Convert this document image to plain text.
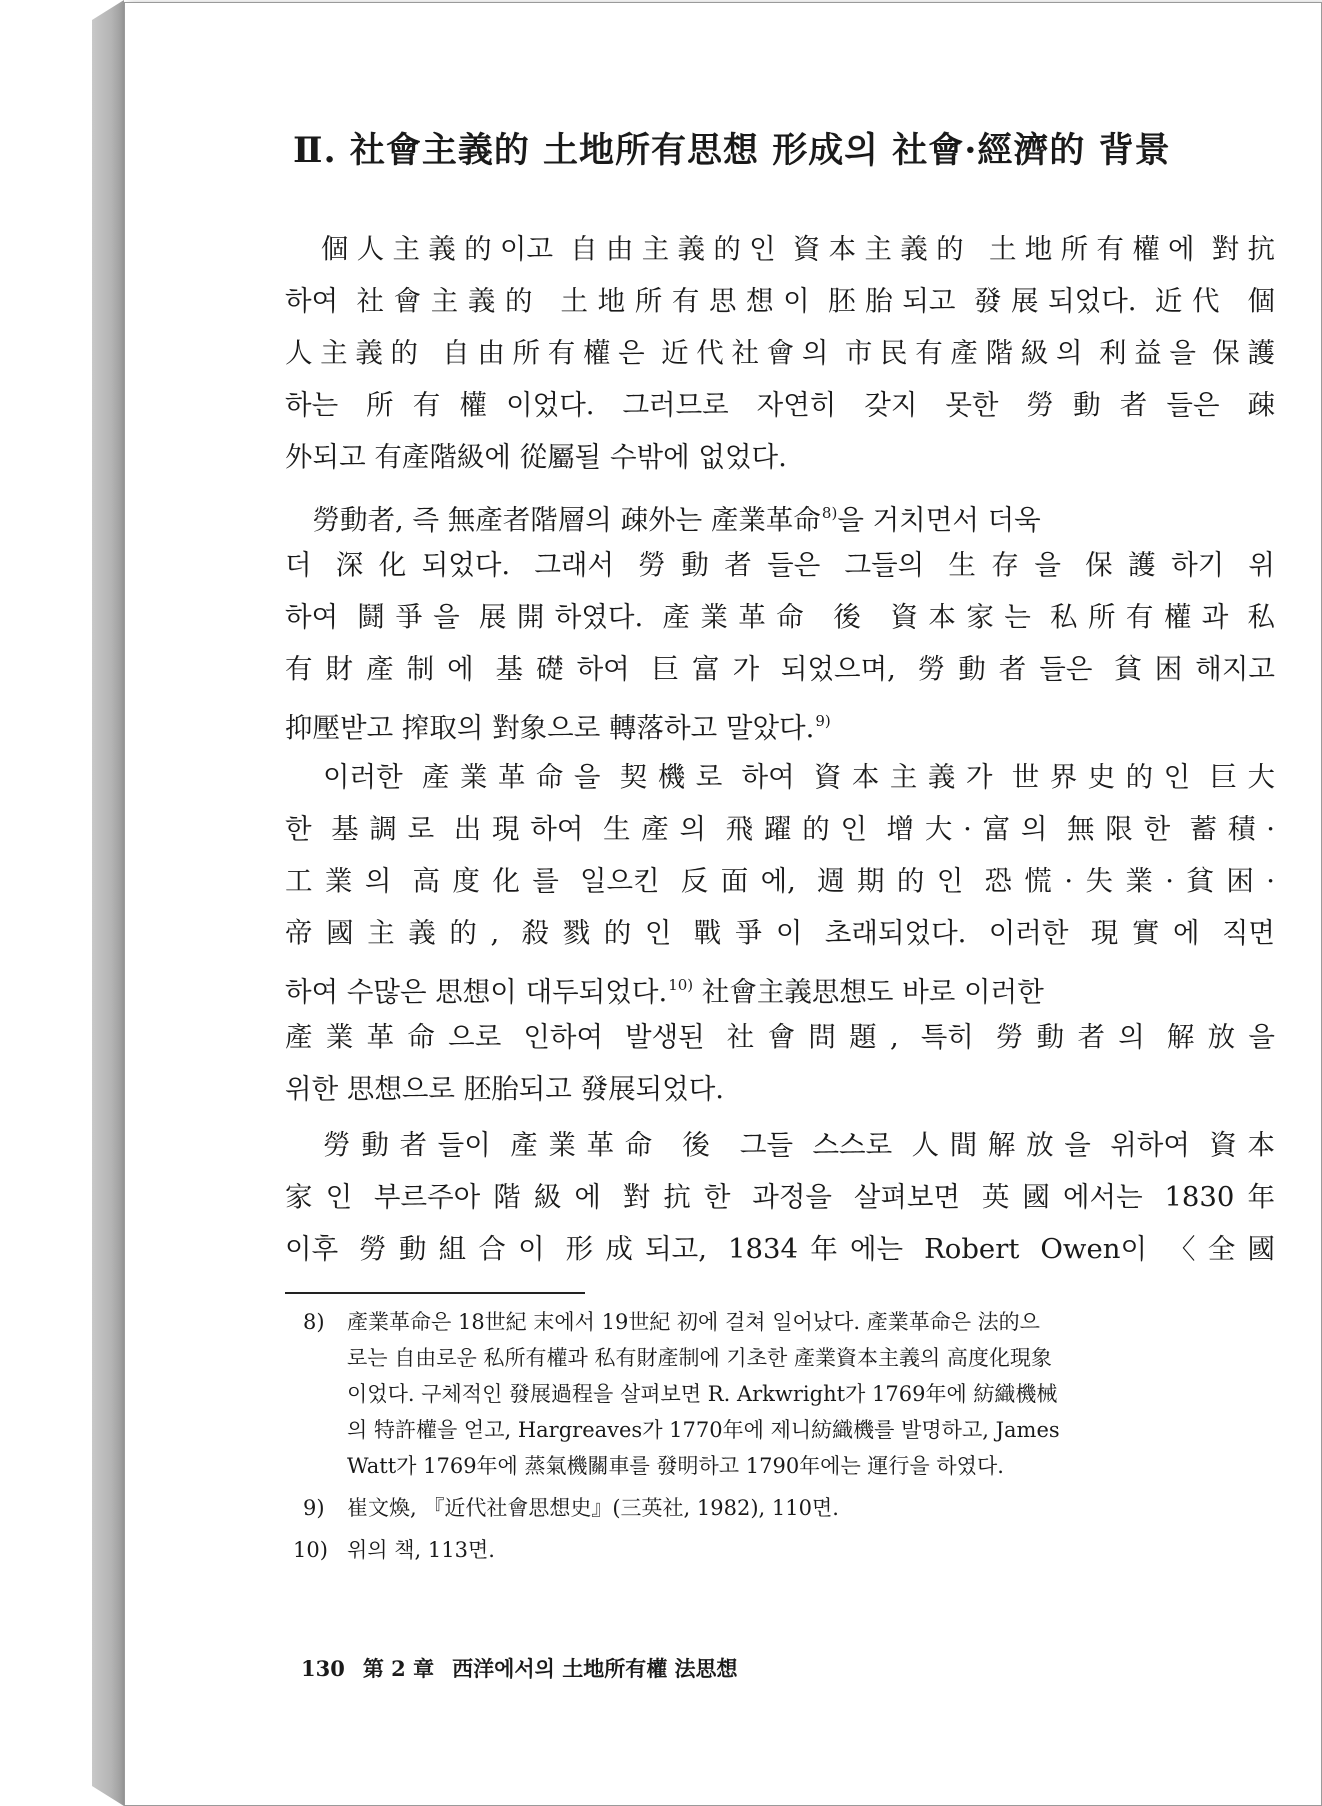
Ⅱ. 社會主義的 土地所有思想 形成의 社會·經濟的 背景
　個人主義的이고 自由主義的인 資本主義的 土地所有權에 對抗
하여 社會主義的 土地所有思想이 胚胎되고 發展되었다. 近代 個
人主義的 自由所有權은 近代社會의 市民有產階級의 利益을 保護
하는 所有權이었다. 그러므로 자연히 갖지 못한 勞動者들은 疎
外되고 有產階級에 從屬될 수밖에 없었다.
　勞動者, 즉 無產者階層의 疎外는 產業革命$^{8)}$을 거치면서 더욱
더 深化되었다. 그래서 勞動者들은 그들의 生存을 保護하기 위
하여 鬪爭을 展開하였다. 產業革命 後 資本家는 私所有權과 私
有財產制에 基礎하여 巨富가 되었으며, 勞動者들은 貧困해지고
抑壓받고 搾取의 對象으로 轉落하고 말았다.$^{9)}$
　이러한 產業革命을 契機로 하여 資本主義가 世界史的인 巨大
한 基調로 出現하여 生產의 飛躍的인 增大·富의 無限한 蓄積·
工業의 高度化를 일으킨 反面에, 週期的인 恐慌·失業·貧困·
帝國主義的, 殺戮的인 戰爭이 초래되었다. 이러한 現實에 직면
하여 수많은 思想이 대두되었다.$^{10)}$ 社會主義思想도 바로 이러한
產業革命으로 인하여 발생된 社會問題, 특히 勞動者의 解放을
위한 思想으로 胚胎되고 發展되었다.
　勞動者들이 產業革命 後 그들 스스로 人間解放을 위하여 資本
家인 부르주아階級에 對抗한 과정을 살펴보면 英國에서는 1830年
이후 勞動組合이 形成되고, 1834年에는 Robert Owen이 〈全國
8) 產業革命은 18世紀 末에서 19世紀 初에 걸쳐 일어났다. 產業革命은 法的으
로는 自由로운 私所有權과 私有財產制에 기초한 產業資本主義의 高度化現象
이었다. 구체적인 發展過程을 살펴보면 R. Arkwright가 1769年에 紡織機械
의 特許權을 얻고, Hargreaves가 1770年에 제니紡織機를 발명하고, James
Watt가 1769年에 蒸氣機關車를 發明하고 1790年에는 運行을 하였다.
9) 崔文煥, 『近代社會思想史』(三英社, 1982), 110면.
10) 위의 책, 113면.
130 第 2 章 西洋에서의 土地所有權 法思想
